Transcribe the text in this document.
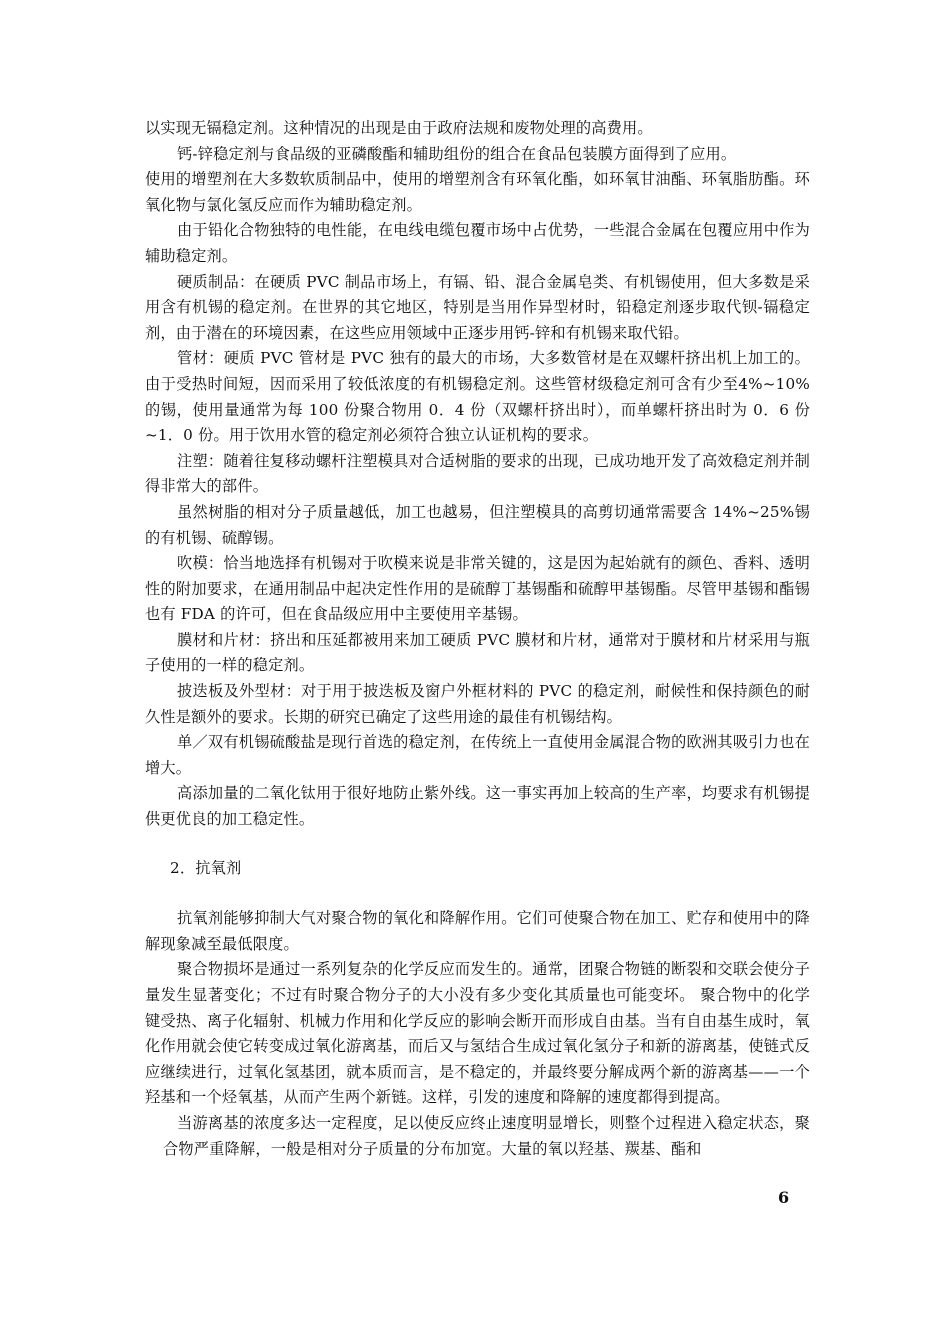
以实现无镉稳定剂。这种情况的出现是由于政府法规和废物处理的高费用。

钙-锌稳定剂与食品级的亚磷酸酯和辅助组份的组合在食品包装膜方面得到了应用。

使用的增塑剂在大多数软质制品中，使用的增塑剂含有环氧化酯，如环氧甘油酯、环氧脂肪酯。环氧化物与氯化氢反应而作为辅助稳定剂。

由于铅化合物独特的电性能，在电线电缆包覆市场中占优势，一些混合金属在包覆应用中作为辅助稳定剂。

硬质制品：在硬质 PVC 制品市场上，有镉、铅、混合金属皂类、有机锡使用，但大多数是采用含有机锡的稳定剂。在世界的其它地区，特别是当用作异型材时，铅稳定剂逐步取代钡-镉稳定剂，由于潜在的环境因素，在这些应用领域中正逐步用钙-锌和有机锡来取代铅。

管材：硬质 PVC 管材是 PVC 独有的最大的市场，大多数管材是在双螺杆挤出机上加工的。由于受热时间短，因而采用了较低浓度的有机锡稳定剂。这些管材级稳定剂可含有少至4%~10%的锡，使用量通常为每 100 份聚合物用 0．4 份（双螺杆挤出时），而单螺杆挤出时为 0．6 份~1．0 份。用于饮用水管的稳定剂必须符合独立认证机构的要求。

注塑：随着往复移动螺杆注塑模具对合适树脂的要求的出现，已成功地开发了高效稳定剂并制得非常大的部件。

虽然树脂的相对分子质量越低，加工也越易，但注塑模具的高剪切通常需要含 14%~25%锡的有机锡、硫醇锡。

吹模：恰当地选择有机锡对于吹模来说是非常关键的，这是因为起始就有的颜色、香料、透明性的附加要求，在通用制品中起决定性作用的是硫醇丁基锡酯和硫醇甲基锡酯。尽管甲基锡和酯锡也有 FDA 的许可，但在食品级应用中主要使用辛基锡。

膜材和片材：挤出和压延都被用来加工硬质 PVC 膜材和片材，通常对于膜材和片材采用与瓶子使用的一样的稳定剂。

披迭板及外型材：对于用于披迭板及窗户外框材料的 PVC 的稳定剂，耐候性和保持颜色的耐久性是额外的要求。长期的研究已确定了这些用途的最佳有机锡结构。

单／双有机锡硫酸盐是现行首选的稳定剂，在传统上一直使用金属混合物的欧洲其吸引力也在增大。

高添加量的二氧化钛用于很好地防止紫外线。这一事实再加上较高的生产率，均要求有机锡提供更优良的加工稳定性。

2．抗氧剂

抗氧剂能够抑制大气对聚合物的氧化和降解作用。它们可使聚合物在加工、贮存和使用中的降解现象减至最低限度。

聚合物损坏是通过一系列复杂的化学反应而发生的。通常，团聚合物链的断裂和交联会使分子量发生显著变化；不过有时聚合物分子的大小没有多少变化其质量也可能变坏。 聚合物中的化学键受热、离子化辐射、机械力作用和化学反应的影响会断开而形成自由基。当有自由基生成时，氧化作用就会使它转变成过氧化游离基，而后又与氢结合生成过氧化氢分子和新的游离基，使链式反应继续进行，过氧化氢基团，就本质而言，是不稳定的，并最终要分解成两个新的游离基——一个羟基和一个烃氧基，从而产生两个新链。这样，引发的速度和降解的速度都得到提高。

当游离基的浓度多达一定程度，足以使反应终止速度明显增长，则整个过程进入稳定状态，聚合物严重降解，一般是相对分子质量的分布加宽。大量的氧以羟基、羰基、酯和

6
